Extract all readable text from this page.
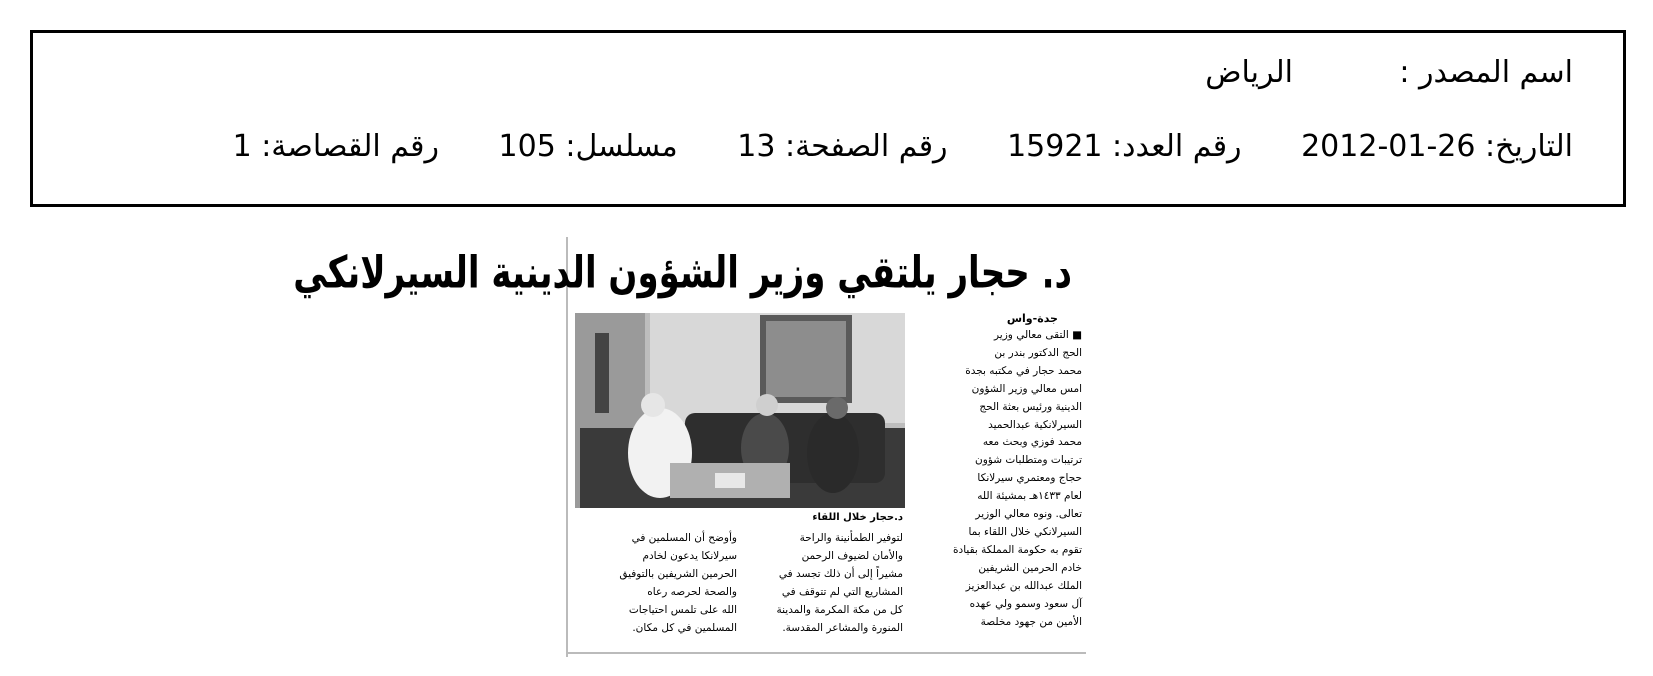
اسم المصدر :الرياض
التاريخ: 26-01-2012 رقم العدد: 15921 رقم الصفحة: 13 مسلسل: 105 رقم القصاصة: 1
د. حجار يلتقي وزير الشؤون الدينية السيرلانكي
جدة-واس
■ التقى معالي وزير
الحج الدكتور بندر بن
محمد حجار في مكتبه بجدة
امس معالي وزير الشؤون
الدينية ورئيس بعثة الحج
السيرلانكية عبدالحميد
محمد فوزي وبحث معه
ترتيبات ومتطلبات شؤون
حجاج ومعتمري سيرلانكا
لعام ١٤٣٣هـ بمشيئة الله
تعالى. ونوه معالي الوزير
السيرلانكي خلال اللقاء بما
تقوم به حكومة المملكة بقيادة
خادم الحرمين الشريفين
الملك عبدالله بن عبدالعزيز
آل سعود وسمو ولي عهده
الأمين من جهود مخلصة
د.حجار خلال اللقاء
لتوفير الطمأنينة والراحة
والأمان لضيوف الرحمن
مشيراً إلى أن ذلك تجسد في
المشاريع التي لم تتوقف في
كل من مكة المكرمة والمدينة
المنورة والمشاعر المقدسة.
وأوضح أن المسلمين في
سيرلانكا يدعون لخادم
الحرمين الشريفين بالتوفيق
والصحة لحرصه رعاه
الله على تلمس احتياجات
المسلمين في كل مكان.
